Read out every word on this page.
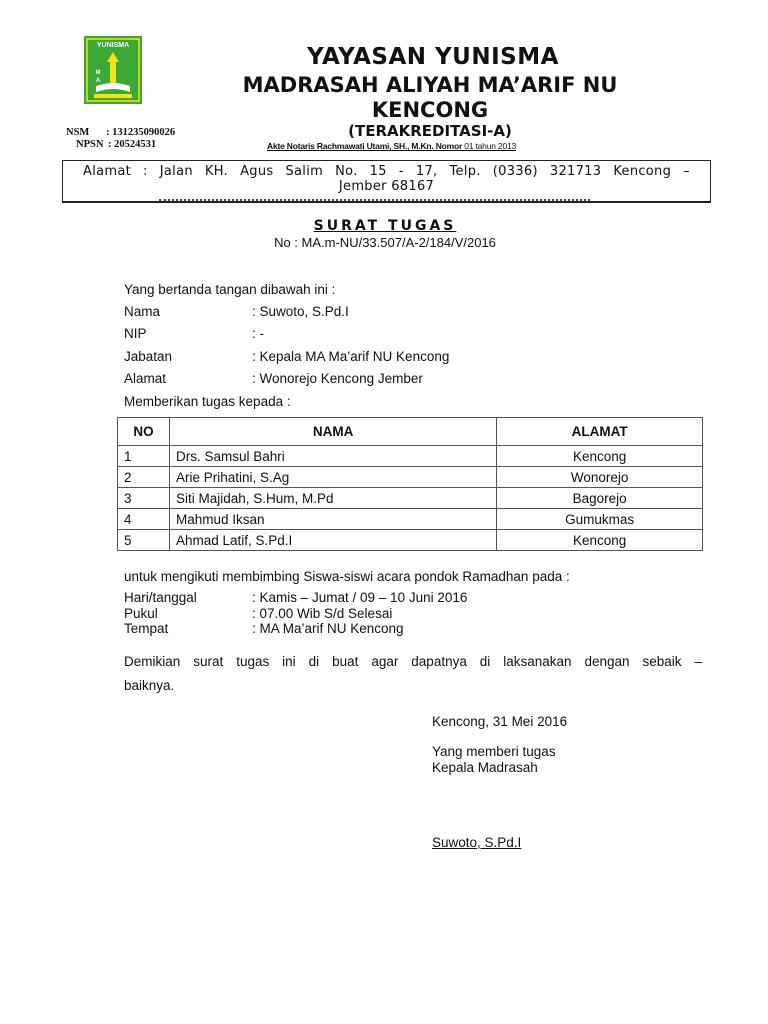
YUNISMA
M
A
YAYASAN YUNISMA
MADRASAH ALIYAH MA’ARIF NU KENCONG
(TERAKREDITASI-A)
NSM	: 131235090026
NPSN : 20524531	Akte Notaris Rachmawati Utami, SH., M.Kn. Nomor 01 tahun 2013
Alamat : Jalan KH. Agus Salim No. 15 - 17, Telp. (0336) 321713 Kencong –
Jember 68167
SURAT TUGAS
No : MA.m-NU/33.507/A-2/184/V/2016
Yang bertanda tangan dibawah ini :
Nama	: Suwoto, S.Pd.I
NIP	: -
Jabatan	: Kepala MA Ma’arif NU Kencong
Alamat	: Wonorejo Kencong Jember
Memberikan tugas kepada :
NO	NAMA	ALAMAT
1	Drs. Samsul Bahri	Kencong
2	Arie Prihatini, S.Ag	Wonorejo
3	Siti Majidah, S.Hum, M.Pd	Bagorejo
4	Mahmud Iksan	Gumukmas
5	Ahmad Latif, S.Pd.I	Kencong
untuk mengikuti membimbing Siswa-siswi acara pondok Ramadhan pada :
Hari/tanggal	: Kamis – Jumat / 09 – 10 Juni 2016
Pukul	: 07.00 Wib S/d Selesai
Tempat	: MA Ma’arif NU Kencong
Demikian surat tugas ini di buat agar dapatnya di laksanakan dengan sebaik –
baiknya.
Kencong, 31 Mei 2016
Yang memberi tugas
Kepala Madrasah
Suwoto, S.Pd.I
